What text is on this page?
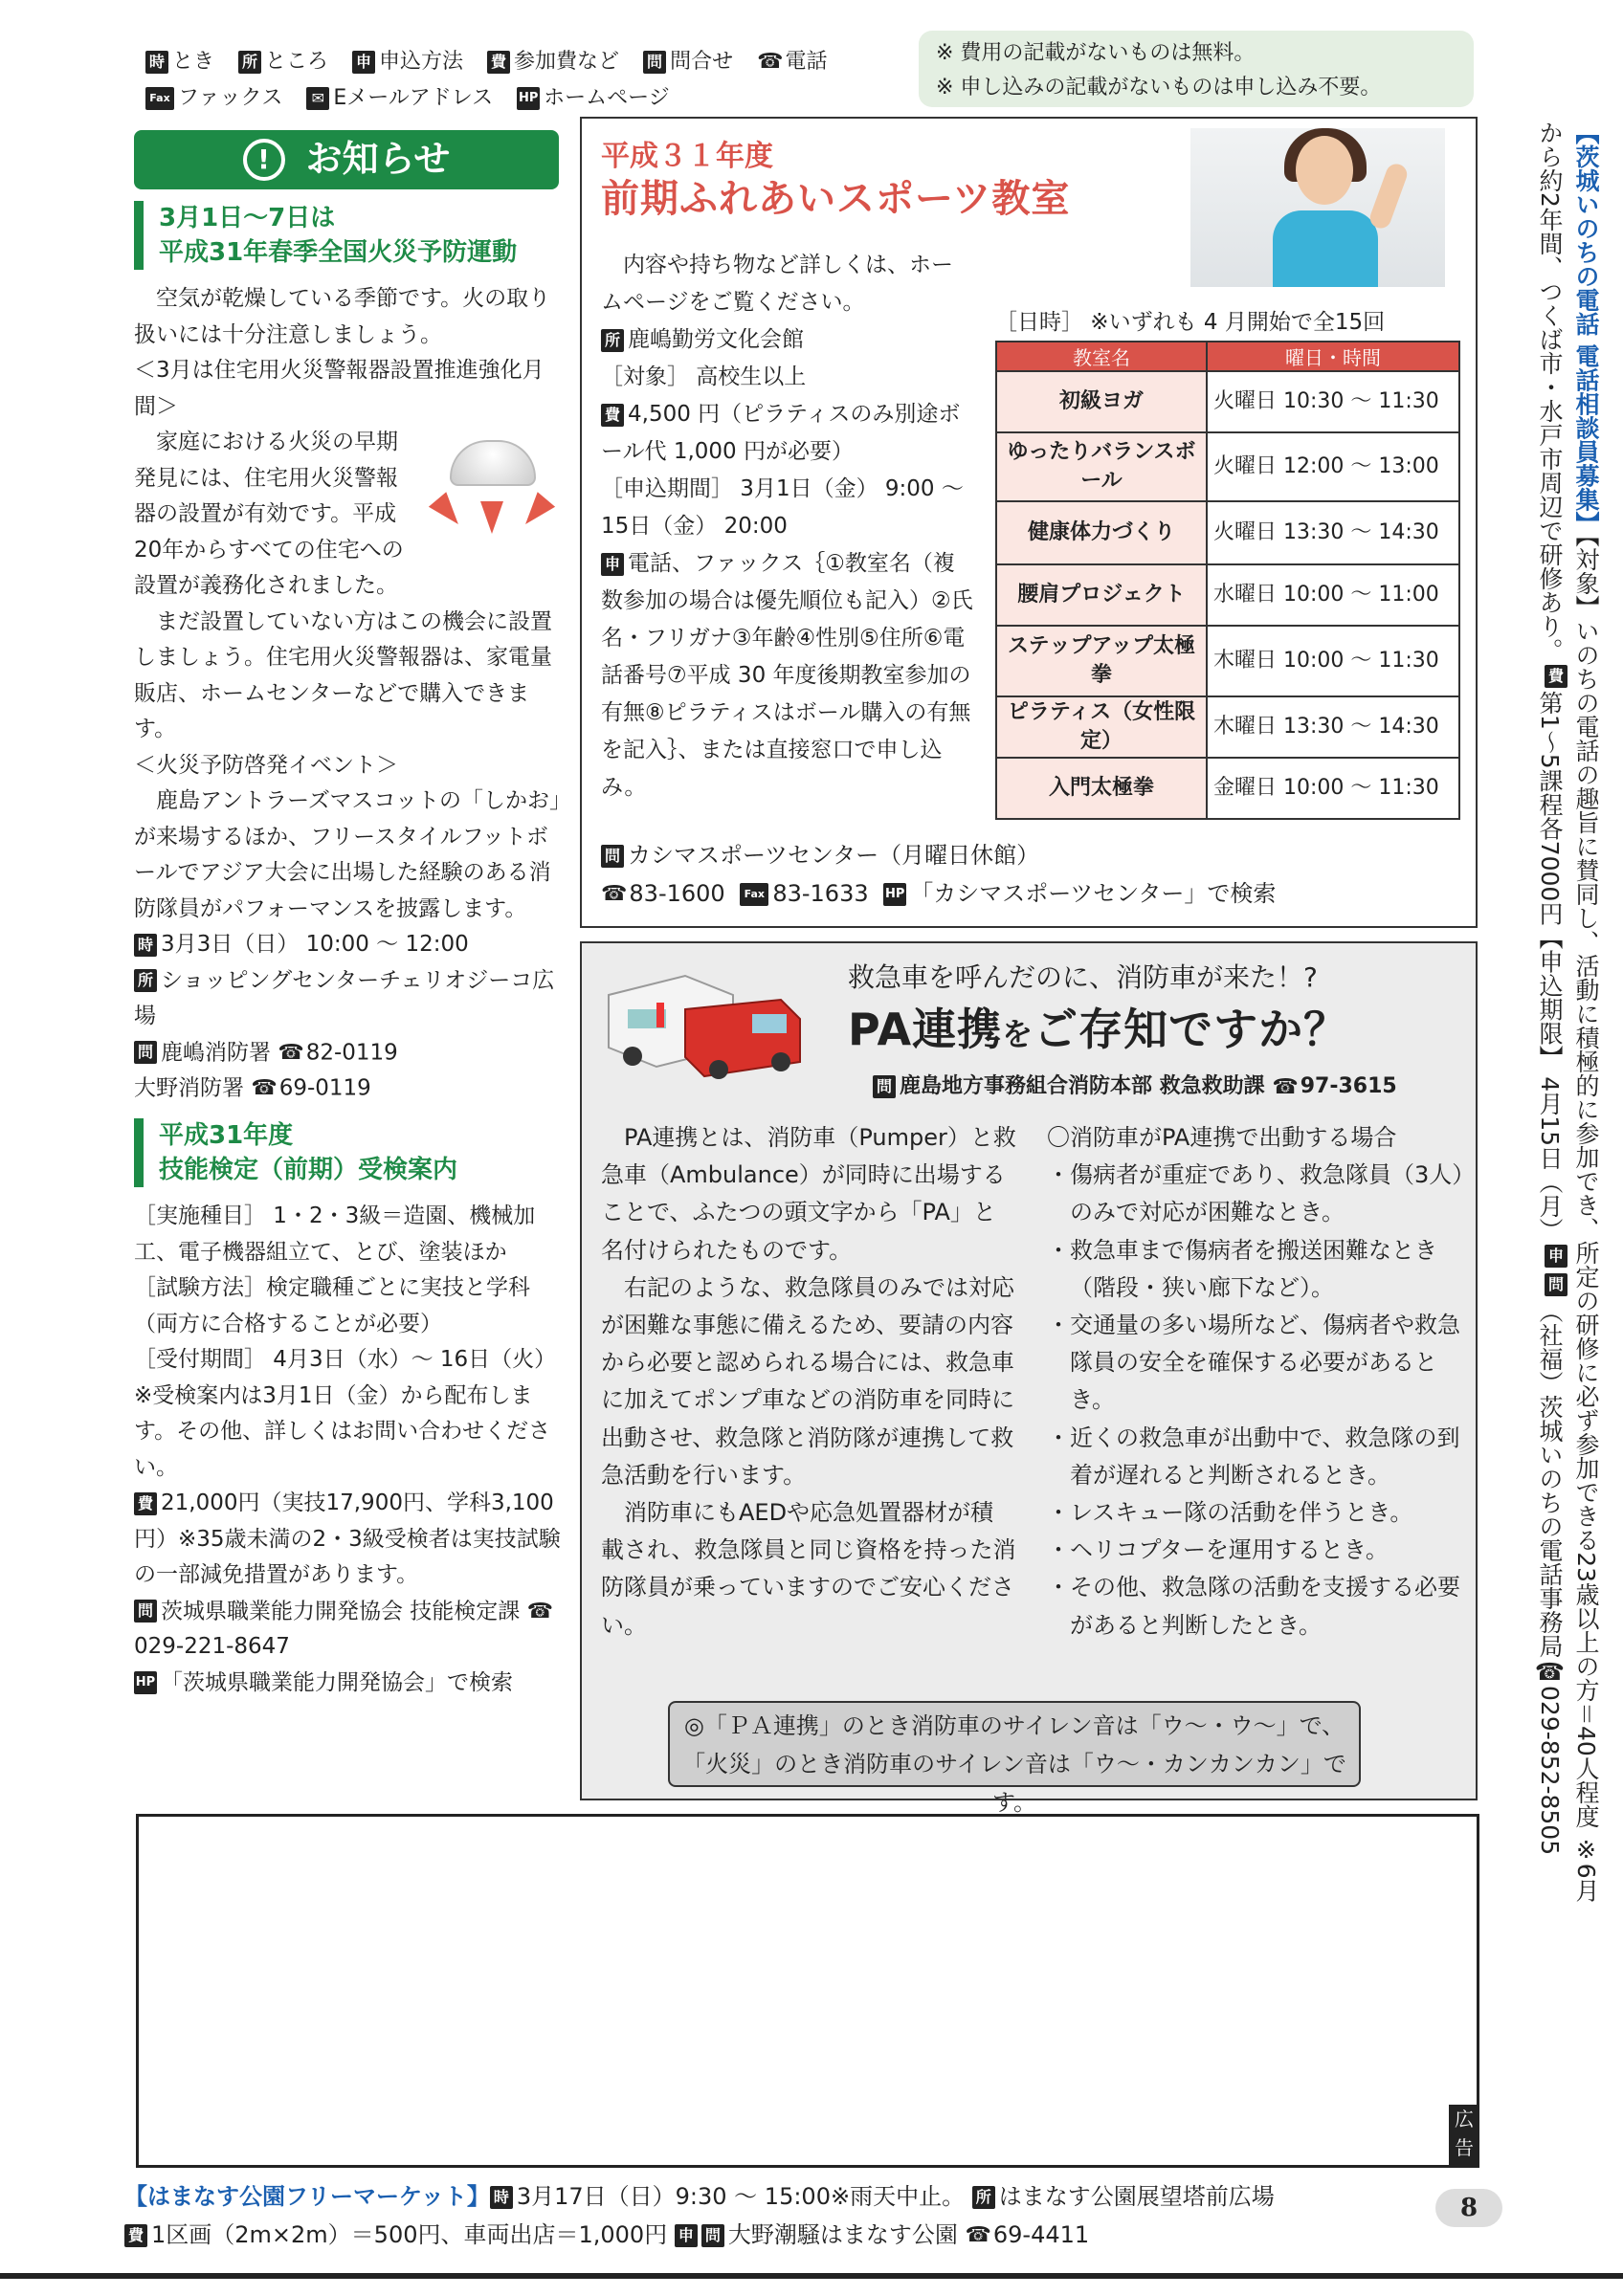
時 とき 所 ところ 申 申込方法 費 参加費など 問 問合せ ☎電話
Fax ファックス ✉ Eメールアドレス HP ホームページ
※ 費用の記載がないものは無料。
※ 申し込みの記載がないものは申し込み不要。
! お知らせ
3月1日～7日は
平成31年春季全国火災予防運動

空気が乾燥している季節です。火の取り扱いには十分注意しましょう。

＜3月は住宅用火災警報器設置推進強化月間＞

家庭における火災の早期発見には、住宅用火災警報器の設置が有効です。平成20年からすべての住宅への設置が義務化されました。

まだ設置していない方はこの機会に設置しましょう。住宅用火災警報器は、家電量販店、ホームセンターなどで購入できます。

＜火災予防啓発イベント＞

鹿島アントラーズマスコットの「しかお」が来場するほか、フリースタイルフットボールでアジア大会に出場した経験のある消防隊員がパフォーマンスを披露します。

時 3月3日（日） 10:00 ～ 12:00

所 ショッピングセンターチェリオジーコ広場

問 鹿嶋消防署 ☎82-0119

大野消防署 ☎69-0119

平成31年度
技能検定（前期）受検案内

［実施種目］ 1・2・3級＝造園、機械加工、電子機器組立て、とび、塗装ほか

［試験方法］検定職種ごとに実技と学科（両方に合格することが必要）

［受付期間］ 4月3日（水）～ 16日（火）

※受検案内は3月1日（金）から配布します。その他、詳しくはお問い合わせください。

費 21,000円（実技17,900円、学科3,100円）※35歳未満の2・3級受検者は実技試験の一部減免措置があります。

問 茨城県職業能力開発協会 技能検定課 ☎029-221-8647

HP 「茨城県職業能力開発協会」で検索

平成３１年度
前期ふれあいスポーツ教室

内容や持ち物など詳しくは、ホームページをご覧ください。

所 鹿嶋勤労文化会館

［対象］ 高校生以上

費 4,500 円（ピラティスのみ別途ボール代 1,000 円が必要）

［申込期間］ 3月1日（金） 9:00 ～ 15日（金） 20:00

申 電話、ファックス｛①教室名（複数参加の場合は優先順位も記入）②氏名・フリガナ③年齢④性別⑤住所⑥電話番号⑦平成 30 年度後期教室参加の有無⑧ピラティスはボール購入の有無を記入｝、または直接窓口で申し込み。

［日時］ ※いずれも 4 月開始で全15回
教室名	曜日・時間
初級ヨガ	火曜日 10:30 ～ 11:30
ゆったりバランスボール	火曜日 12:00 ～ 13:00
健康体力づくり	火曜日 13:30 ～ 14:30
腰肩プロジェクト	水曜日 10:00 ～ 11:00
ステップアップ太極拳	木曜日 10:00 ～ 11:30
ピラティス（女性限定）	木曜日 13:30 ～ 14:30
入門太極拳	金曜日 10:00 ～ 11:30
問 カシマスポーツセンター（月曜日休館）
☎83-1600 Fax 83-1633 HP 「カシマスポーツセンター」で検索
救急車を呼んだのに、消防車が来た！?
PA連携をご存知ですか？
問 鹿島地方事務組合消防本部 救急救助課 ☎97-3615

PA連携とは、消防車（Pumper）と救急車（Ambulance）が同時に出場することで、ふたつの頭文字から「PA」と名付けられたものです。

右記のような、救急隊員のみでは対応が困難な事態に備えるため、要請の内容から必要と認められる場合には、救急車に加えてポンプ車などの消防車を同時に出動させ、救急隊と消防隊が連携して救急活動を行います。

消防車にもAEDや応急処置器材が積載され、救急隊員と同じ資格を持った消防隊員が乗っていますのでご安心ください。

〇消防車がPA連携で出動する場合

・傷病者が重症であり、救急隊員（3人）のみで対応が困難なとき。

・救急車まで傷病者を搬送困難なとき（階段・狭い廊下など）。

・交通量の多い場所など、傷病者や救急隊員の安全を確保する必要があるとき。

・近くの救急車が出動中で、救急隊の到着が遅れると判断されるとき。

・レスキュー隊の活動を伴うとき。

・ヘリコプターを運用するとき。

・その他、救急隊の活動を支援する必要があると判断したとき。

◎「ＰＡ連携」のとき消防車のサイレン音は「ウ～・ウ～」で、
「火災」のとき消防車のサイレン音は「ウ～・カンカンカン」です。
広告
【はまなす公園フリーマーケット】 時 3月17日（日）9:30 ～ 15:00※雨天中止。 所 はまなす公園展望塔前広場
費 1区画（2m×2m）＝500円、車両出店＝1,000円 申 問 大野潮騒はまなす公園 ☎69-4411
8
【茨城いのちの電話 電話相談員募集】【対象】いのちの電話の趣旨に賛同し、活動に積極的に参加でき、所定の研修に必ず参加できる23歳以上の方＝40人程度 ※6月から約2年間、つくば市・水戸市周辺で研修あり。費第1～5課程各7000円【申込期限】 4月15日（月）申問（社福）茨城いのちの電話事務局☎029-852-8505
